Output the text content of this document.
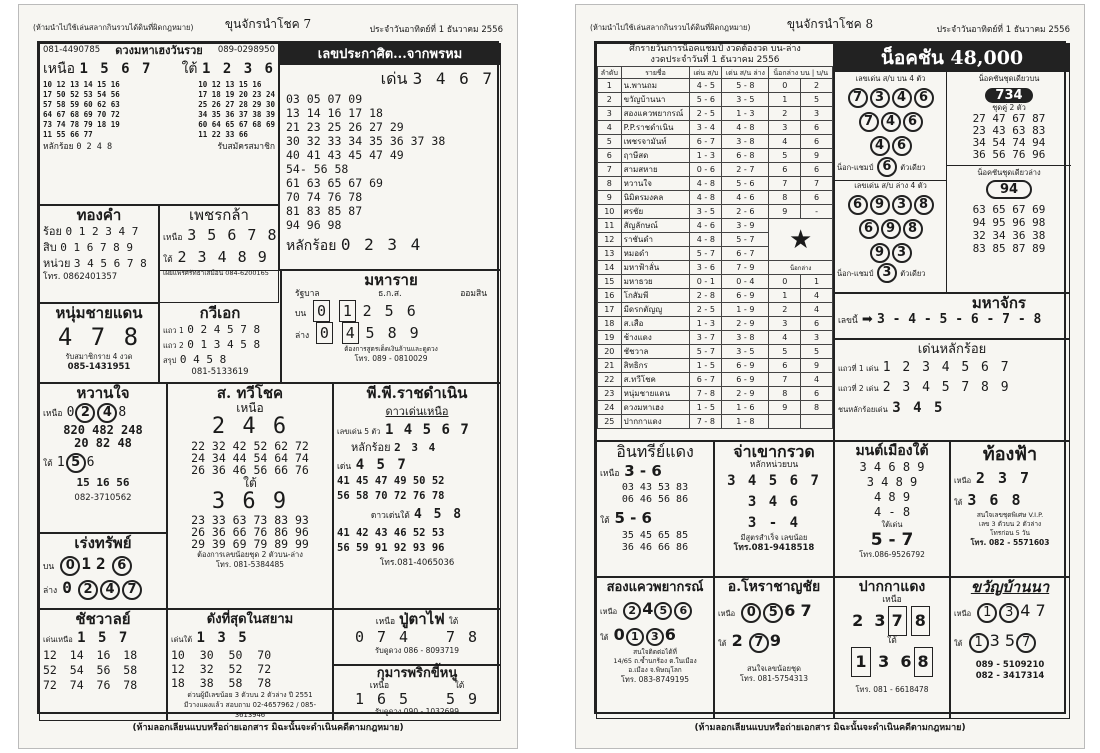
(ห้ามนำไปใช้เล่นสลากกินรวบได้ดินที่ผิดกฎหมาย)	ขุนจักรนำโชค 7	ประจำวันอาทิตย์ที่ 1 ธันวาคม 2556
081-4490785 ดวงมหาเฮงวันรวย 089-0298950
เหนือ 1 5 6 7 ใต้ 1 2 3 6
10 12 13 14 15 16
17 50 52 53 54 56
57 58 59 60 62 63
64 67 68 69 70 72
73 74 78 79 18 19
11 55 66 77
10 12 13 15 16
17 18 19 20 23 24
25 26 27 28 29 30
34 35 36 37 38 39
60 64 65 67 68 69
11 22 33 66
หลักร้อย 0 2 4 8	รับสมัครสมาชิก
เลขประกาศิต...จากพรหม
เด่น 3 4 6 7
03 05 07 09
13 14 16 17 18
21 23 25 26 27 29
30 32 33 34 35 36 37 38
40 41 43 45 47 49
54- 56 58
61 63 65 67 69
70 74 76 78
81 83 85 87
94 96 98
หลักร้อย 0 2 3 4
ทองคำ
ร้อย 0 1 2 3 4 7
สิบ 0 1 6 7 8 9
หน่วย 3 4 5 6 7 8
โทร. 0862401357
เพชรกล้า
เหนือ 3 5 6 7 8
ใต้ 2 3 4 8 9
เผยแพร่ศรัทธาเสมือน 084-6200165
หนุ่มชายแดน
4 7 8
รับสมาชิกราย 4 งวด
085-1431951
กวีเอก
แถว 1 0 2 4 5 7 8
แถว 2 0 1 3 4 5 8
สรุป 0 4 5 8
081-5133619
มหาราย
รัฐบาล	ธ.ก.ส.	ออมสิน
บน 0 1 2 5 6
ล่าง 0 4 5 8 9
ต้องการสูตรเด็ดเงินล้านและดูดวง
โทร. 089 - 0810029
หวานใจ
เหนือ 0 2 4 8
820 482 248
20 82 48
ใต้ 1 5 6
15 16 56
082-3710562
ส. ทวีโชค
เหนือ
2 4 6
22 32 42 52 62 72
24 34 44 54 64 74
26 36 46 56 66 76
ใต้
3 6 9
23 33 63 73 83 93
26 36 66 76 86 96
29 39 69 79 89 99
ต้องการเลขน้อยชุด 2 ตัวบน-ล่าง
โทร. 081-5384485
พี.พี.ราชดำเนิน
ดาวเด่นเหนือ
เลขเด่น 5 ตัว 1 4 5 6 7
หลักร้อย 2 3 4
เด่น 4 5 7
41 45 47 49 50 52
56 58 70 72 76 78
ดาวเด่นใต้ 4 5 8
41 42 43 46 52 53
56 59 91 92 93 96
โทร.081-4065036
เร่งทรัพย์
บน 0 1 2 6
ล่าง 0 2 4 7
ชัชวาลย์
เด่นเหนือ 1 5 7
12 14 16 18
52 54 56 58
72 74 76 78
ดังที่สุดในสยาม
เด่นใต้ 1 3 5
10 30 50 70
12 32 52 72
18 38 58 78
ด่วนผู้มีเลขน้อย 3 ตัวบน 2 ตัวล่าง ปี 2551
มีวางแผงแล้ว สอบถาม 02-4657962 / 085-3613946
เหนือ ปู่ตาไฟ ใต้
0 7 4 7 8
รับดูดวง 086 - 8093719
กุมารพริกขี้หนู
เหนือ	ใต้
1 6 5 5 9
รับดูดวง 090 - 1032699
(ห้ามลอกเลียนแบบหรือถ่ายเอกสาร มิฉะนั้นจะดำเนินคดีตามกฎหมาย)
(ห้ามนำไปใช้เล่นสลากกินรวบได้ดินที่ผิดกฎหมาย)	ขุนจักรนำโชค 8	ประจำวันอาทิตย์ที่ 1 ธันวาคม 2556
ศึกรายวันการน็อคแชมป์ งวดต้องวด บน-ล่าง
งวดประจำวันที่ 1 ธันวาคม 2556
ลำดับ	รายชื่อ	เด่น ส/บ	เด่น ส/น ล่าง	น็อกล่าง บน | บ/น	
1	น.พานถม	4 - 5	5 - 8	0	2
2	ขวัญบ้านนา	5 - 6	3 - 5	1	5
3	สองแควพยากรณ์	2 - 5	1 - 3	2	3
4	P.P.ราชดำเนิน	3 - 4	4 - 8	3	6
5	เพชรจามันท์	6 - 7	3 - 8	4	6
6	ฤาษีสด	1 - 3	6 - 8	5	9
7	สามสหาย	0 - 6	2 - 7	6	6
8	หวานใจ	4 - 8	5 - 6	7	7
9	นิมิตรมงคล	4 - 8	4 - 6	8	6
10	ศรชัย	3 - 5	2 - 6	9	-
11	สัญลักษณ์	4 - 6	3 - 9	★	
12	ราชันดำ	4 - 8	5 - 7		
13	หมอดำ	5 - 7	6 - 7		
14	มหาฟ้าลั่น	3 - 6	7 - 9	น็อกล่าง	
15	มหาธวย	0 - 1	0 - 4	0	1
16	โกสัมพี	2 - 8	6 - 9	1	4
17	มีดรกตัญญู	2 - 5	1 - 9	2	4
18	ส.เสือ	1 - 3	2 - 9	3	6
19	ช้างแดง	3 - 7	3 - 8	4	3
20	ชัชวาล	5 - 7	3 - 5	5	5
21	สิทธิกร	1 - 5	6 - 9	6	9
22	ส.ทวีโชค	6 - 7	6 - 9	7	4
23	หนุ่มชายแดน	7 - 8	2 - 9	8	6
24	ดวงมหาเฮง	1 - 5	1 - 6	9	8
25	ปากกาแดง	7 - 8	1 - 8		
น็อคชัน 48,000
เลขเด่น ส/บ บน 4 ตัว
7 3 4 6
7 4 6
4 6
น็อก-แชมป์ 6 ตัวเดียว
เลขเด่น ส/บ ล่าง 4 ตัว
6 9 3 8
6 9 8
9 3
น็อก-แชมป์ 3 ตัวเดียว
น็อคชันชุดเดียวบน
734
ชุดคู่ 2 ตัว
27 47 67 87
23 43 63 83
34 54 74 94
36 56 76 96
น็อคชันชุดเดียวล่าง
94
63 65 67 69
94 95 96 98
32 34 36 38
83 85 87 89
มหาจักร
เลขนี้ ➡ 3 - 4 - 5 - 6 - 7 - 8
เด่นหลักร้อย
แถวที่ 1 เด่น 1 2 3 4 5 6 7
แถวที่ 2 เด่น 2 3 4 5 7 8 9
ชนหลักร้อยเด่น 3 4 5
อินทรีย์แดง
เหนือ 3 - 6
03 43 53 83
06 46 56 86
ใต้ 5 - 6
35 45 65 85
36 46 66 86
จ่าเขากรวด
หลักหน่วยบน
3 4 5 6 7
3 4 6
3 - 4
มีสูตรสำเร็จ เลขน้อย
โทร.081-9418518
มนต์เมืองใต้
3 4 6 8 9
3 4 8 9
4 8 9
4 - 8
ใต้เด่น
5 - 7
โทร.086-9526792
ท้องฟ้า
เหนือ 2 3 7
ใต้ 3 6 8
สนใจเลขชุดพิเศษ V.I.P.
เลข 3 ตัวบน 2 ตัวล่าง
โทรก่อน 5 วัน
โทร. 082 - 5571603
สองแควพยากรณ์
เหนือ 2 4 5 6
ใต้ 0 1 3 6
สนใจติดต่อได้ที่
14/65 ถ.ซ้ำนกร้อง ต.ในเมือง
อ.เมือง จ.พิษณุโลก
โทร. 083-8749195
อ.โหราชาญชัย
เหนือ 0 5 6 7
ใต้ 2 7 9
สนใจเลขน้อยชุด
โทร. 081-5754313
ปากกาแดง
เหนือ
2 3 7 8
ใต้
1 3 6 8
โทร. 081 - 6618478
ขวัญบ้านนา
เหนือ 1 3 4 7
ใต้ 1 3 5 7
089 - 5109210
082 - 3417314
(ห้ามลอกเลียนแบบหรือถ่ายเอกสาร มิฉะนั้นจะดำเนินคดีตามกฎหมาย)
